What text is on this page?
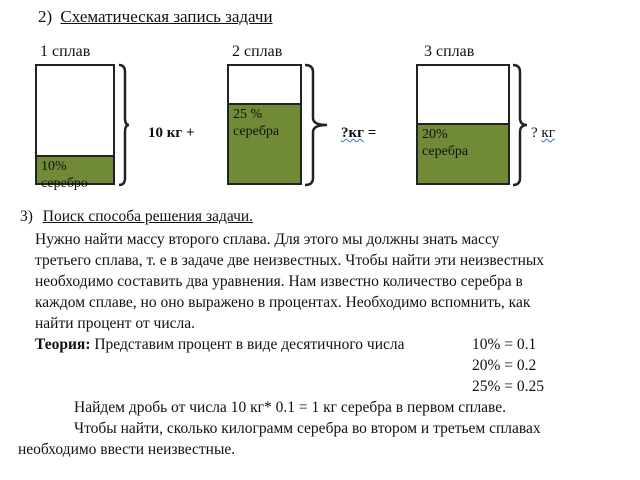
2) Схематическая запись задачи
1 сплав	2 сплав	3 сплав
10%
серебро
10 кг +
25 %
серебра	?кг =	20%
серебра
? кг
3) Поиск способа решения задачи.
Нужно найти массу второго сплава. Для этого мы должны знать массу
третьего сплава, т. е в задаче две неизвестных. Чтобы найти эти неизвестных
необходимо составить два уравнения. Нам известно количество серебра в
каждом сплаве, но оно выражено в процентах. Необходимо вспомнить, как
найти процент от числа.
Теория: Представим процент в виде десятичного числа	10% = 0.1
20% = 0.2
25% = 0.25
Найдем дробь от числа 10 кг* 0.1 = 1 кг серебра в первом сплаве.
Чтобы найти, сколько килограмм серебра во втором и третьем сплавах
необходимо ввести неизвестные.
